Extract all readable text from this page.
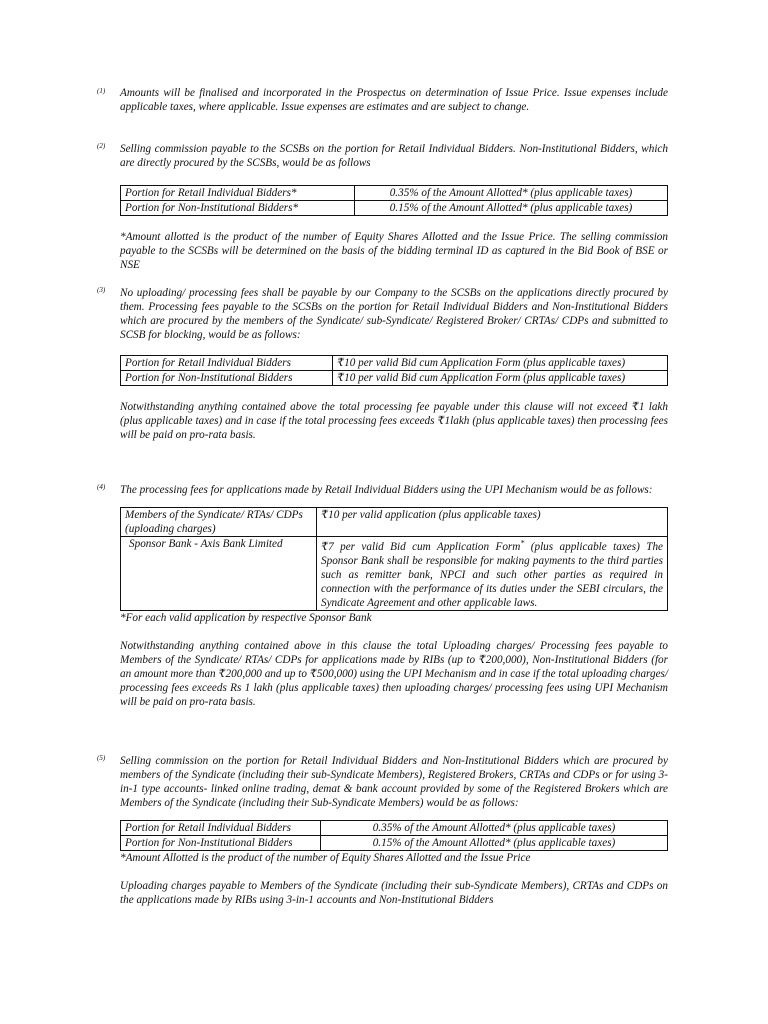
(1) Amounts will be finalised and incorporated in the Prospectus on determination of Issue Price. Issue expenses include applicable taxes, where applicable. Issue expenses are estimates and are subject to change.

(2) Selling commission payable to the SCSBs on the portion for Retail Individual Bidders. Non-Institutional Bidders, which are directly procured by the SCSBs, would be as follows

Portion for Retail Individual Bidders*	0.35% of the Amount Allotted* (plus applicable taxes)
Portion for Non-Institutional Bidders*	0.15% of the Amount Allotted* (plus applicable taxes)

*Amount allotted is the product of the number of Equity Shares Allotted and the Issue Price. The selling commission payable to the SCSBs will be determined on the basis of the bidding terminal ID as captured in the Bid Book of BSE or NSE

(3) No uploading/ processing fees shall be payable by our Company to the SCSBs on the applications directly procured by them. Processing fees payable to the SCSBs on the portion for Retail Individual Bidders and Non-Institutional Bidders which are procured by the members of the Syndicate/ sub-Syndicate/ Registered Broker/ CRTAs/ CDPs and submitted to SCSB for blocking, would be as follows:

Portion for Retail Individual Bidders	₹10 per valid Bid cum Application Form (plus applicable taxes)
Portion for Non-Institutional Bidders	₹10 per valid Bid cum Application Form (plus applicable taxes)

Notwithstanding anything contained above the total processing fee payable under this clause will not exceed ₹1 lakh (plus applicable taxes) and in case if the total processing fees exceeds ₹1lakh (plus applicable taxes) then processing fees will be paid on pro-rata basis.

(4) The processing fees for applications made by Retail Individual Bidders using the UPI Mechanism would be as follows:

Members of the Syndicate/ RTAs/ CDPs (uploading charges)	₹10 per valid application (plus applicable taxes)
Sponsor Bank - Axis Bank Limited	₹7 per valid Bid cum Application Form* (plus applicable taxes) The Sponsor Bank shall be responsible for making payments to the third parties such as remitter bank, NPCI and such other parties as required in connection with the performance of its duties under the SEBI circulars, the Syndicate Agreement and other applicable laws.

*For each valid application by respective Sponsor Bank

Notwithstanding anything contained above in this clause the total Uploading charges/ Processing fees payable to Members of the Syndicate/ RTAs/ CDPs for applications made by RIBs (up to ₹200,000), Non-Institutional Bidders (for an amount more than ₹200,000 and up to ₹500,000) using the UPI Mechanism and in case if the total uploading charges/ processing fees exceeds Rs 1 lakh (plus applicable taxes) then uploading charges/ processing fees using UPI Mechanism will be paid on pro-rata basis.

(5) Selling commission on the portion for Retail Individual Bidders and Non-Institutional Bidders which are procured by members of the Syndicate (including their sub-Syndicate Members), Registered Brokers, CRTAs and CDPs or for using 3-in-1 type accounts- linked online trading, demat & bank account provided by some of the Registered Brokers which are Members of the Syndicate (including their Sub-Syndicate Members) would be as follows:

Portion for Retail Individual Bidders	0.35% of the Amount Allotted* (plus applicable taxes)
Portion for Non-Institutional Bidders	0.15% of the Amount Allotted* (plus applicable taxes)

*Amount Allotted is the product of the number of Equity Shares Allotted and the Issue Price

Uploading charges payable to Members of the Syndicate (including their sub-Syndicate Members), CRTAs and CDPs on the applications made by RIBs using 3-in-1 accounts and Non-Institutional Bidders
